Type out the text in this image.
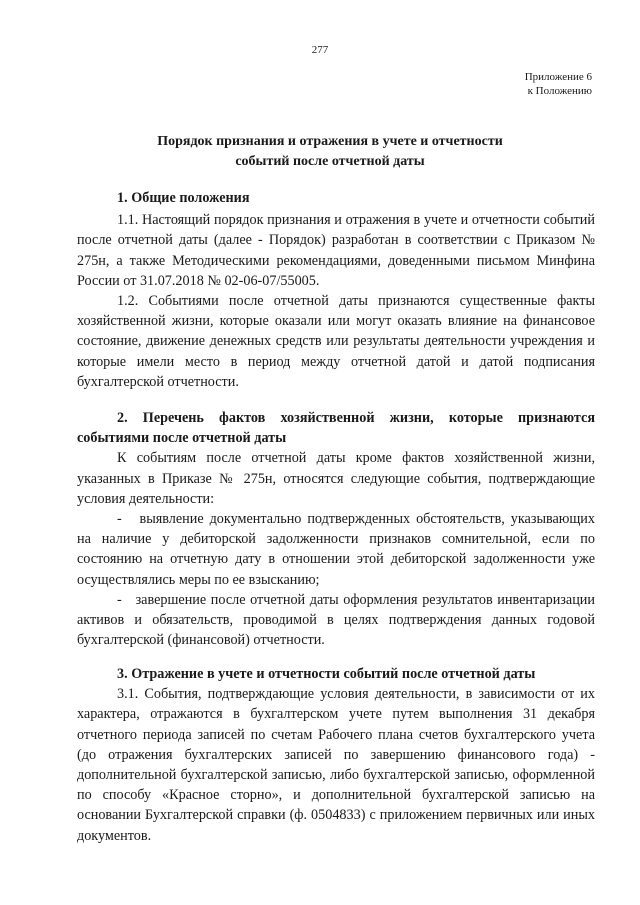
277
Приложение 6
к Положению
Порядок признания и отражения в учете и отчетности
событий после отчетной даты

1. Общие положения

1.1. Настоящий порядок признания и отражения в учете и отчетности событий после отчетной даты (далее - Порядок) разработан в соответствии с Приказом № 275н, а также Методическими рекомендациями, доведенными письмом Минфина России от 31.07.2018 № 02-06-07/55005.

1.2. Событиями после отчетной даты признаются существенные факты хозяйственной жизни, которые оказали или могут оказать влияние на финансовое состояние, движение денежных средств или результаты деятельности учреждения и которые имели место в период между отчетной датой и датой подписания бухгалтерской отчетности.

2. Перечень фактов хозяйственной жизни, которые признаются событиями после отчетной даты

К событиям после отчетной даты кроме фактов хозяйственной жизни, указанных в Приказе № 275н, относятся следующие события, подтверждающие условия деятельности:

-   выявление документально подтвержденных обстоятельств, указывающих на наличие у дебиторской задолженности признаков сомнительной, если по состоянию на отчетную дату в отношении этой дебиторской задолженности уже осуществлялись меры по ее взысканию;

-   завершение после отчетной даты оформления результатов инвентаризации активов и обязательств, проводимой в целях подтверждения данных годовой бухгалтерской (финансовой) отчетности.

3. Отражение в учете и отчетности событий после отчетной даты

3.1. События, подтверждающие условия деятельности, в зависимости от их характера, отражаются в бухгалтерском учете путем выполнения 31 декабря отчетного периода записей по счетам Рабочего плана счетов бухгалтерского учета (до отражения бухгалтерских записей по завершению финансового года) - дополнительной бухгалтерской записью, либо бухгалтерской записью, оформленной по способу «Красное сторно», и дополнительной бухгалтерской записью на основании Бухгалтерской справки (ф. 0504833) с приложением первичных или иных документов.
